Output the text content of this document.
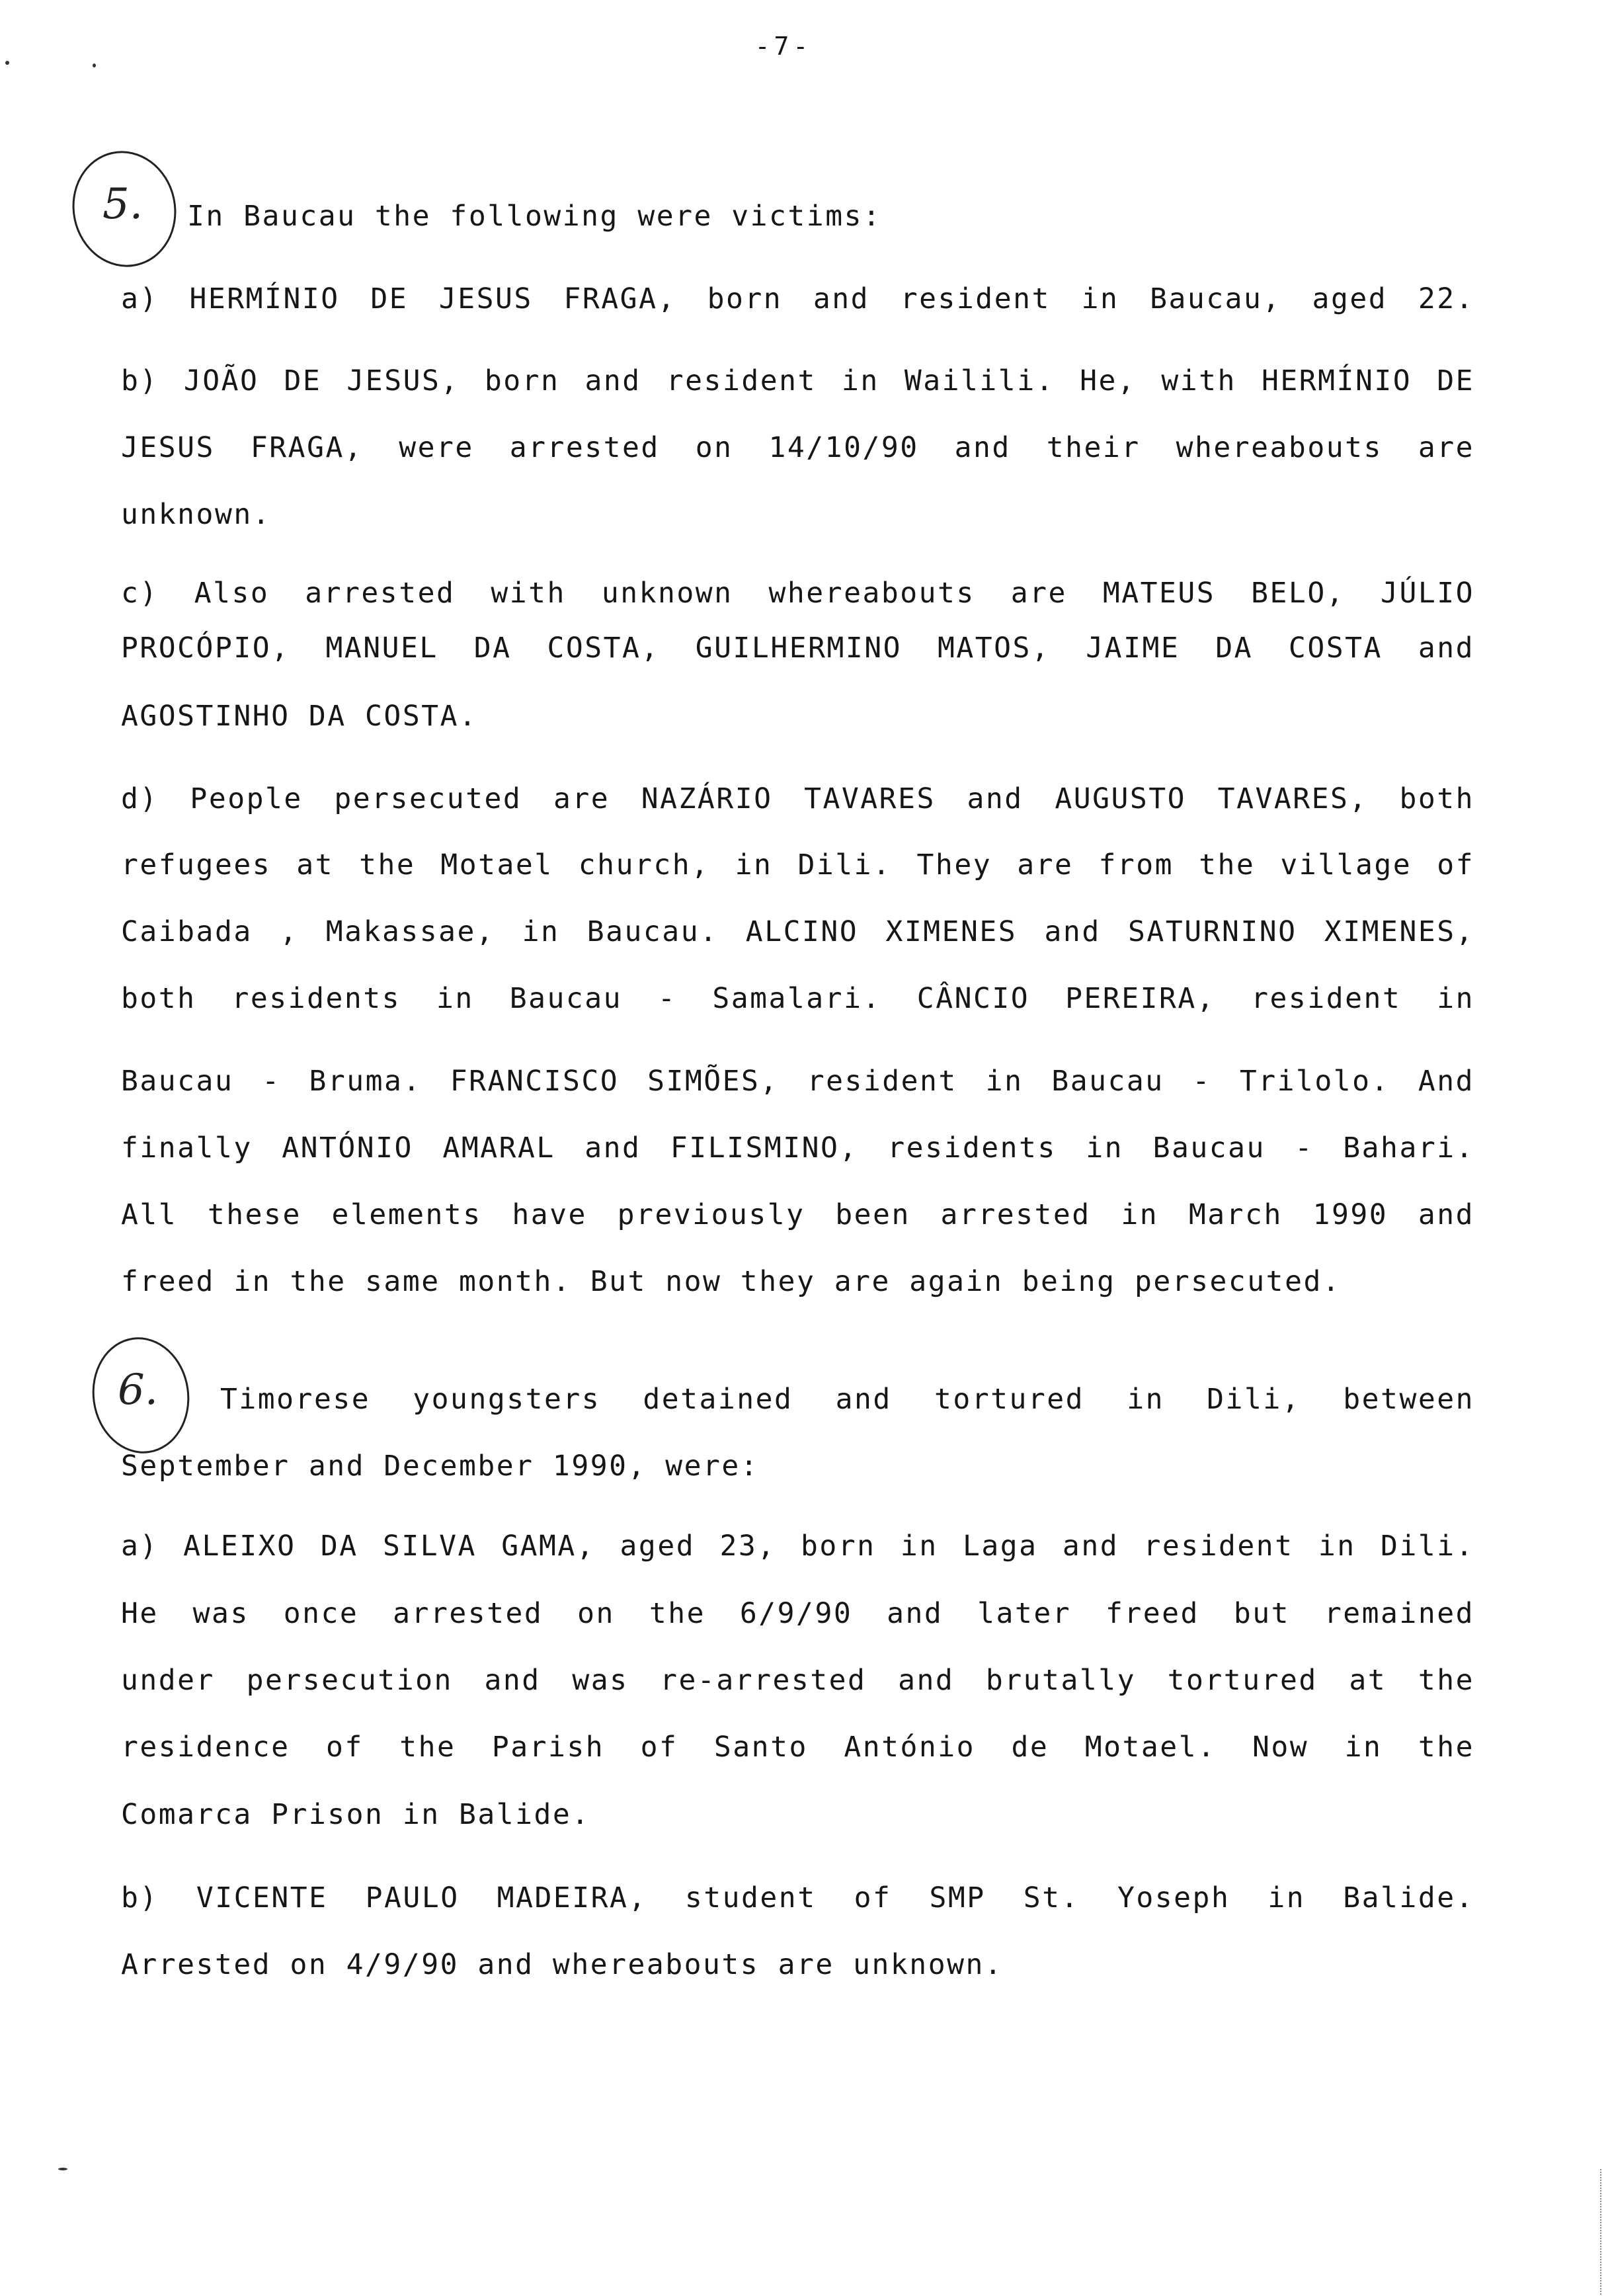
-7-
5.
6.
In Baucau the following were victims:
a) HERMÍNIO DE JESUS FRAGA, born and resident in Baucau, aged 22.
b) JOÃO DE JESUS, born and resident in Wailili. He, with HERMÍNIO DE
JESUS FRAGA, were arrested on 14/10/90 and their whereabouts are
unknown.
c) Also arrested with unknown whereabouts are MATEUS BELO, JÚLIO
PROCÓPIO, MANUEL DA COSTA, GUILHERMINO MATOS, JAIME DA COSTA and
AGOSTINHO DA COSTA.
d) People persecuted are NAZÁRIO TAVARES and AUGUSTO TAVARES, both
refugees at the Motael church, in Dili. They are from the village of
Caibada , Makassae, in Baucau. ALCINO XIMENES and SATURNINO XIMENES,
both residents in Baucau - Samalari. CÂNCIO PEREIRA, resident in
Baucau - Bruma. FRANCISCO SIMÕES, resident in Baucau - Trilolo. And
finally ANTÓNIO AMARAL and FILISMINO, residents in Baucau - Bahari.
All these elements have previously been arrested in March 1990 and
freed in the same month. But now they are again being persecuted.
Timorese youngsters detained and tortured in Dili, between
September and December 1990, were:
a) ALEIXO DA SILVA GAMA, aged 23, born in Laga and resident in Dili.
He was once arrested on the 6/9/90 and later freed but remained
under persecution and was re-arrested and brutally tortured at the
residence of the Parish of Santo António de Motael. Now in the
Comarca Prison in Balide.
b) VICENTE PAULO MADEIRA, student of SMP St. Yoseph in Balide.
Arrested on 4/9/90 and whereabouts are unknown.
